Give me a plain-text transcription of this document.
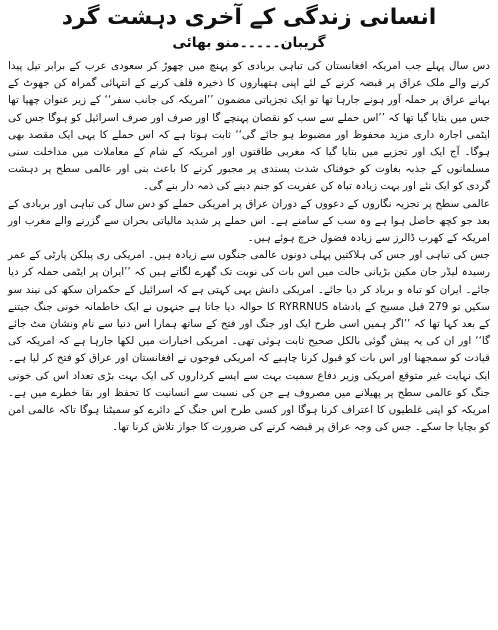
انسانی زندگی کے آخری دہشت گرد
گریبان۔۔۔۔۔منو بھائی

دس سال پہلے جب امریکہ افغانستان کی تباہی بربادی کو پہنچ میں چھوڑ کر سعودی عرب کے برابر تیل پیدا کرنے والے ملک عراق پر قبضہ کرنے کے لئے اپنی ہتھیاروں کا ذخیرہ قلف کرنے کے انتہائی گمراہ کن جھوٹ کے بہانے عراق پر حملہ آور ہونے جارہا تھا تو ایک تجزیاتی مضمون ’’امریکہ کی جانب سفر‘‘ کے زیر عنوان چھپا تھا جس میں بتایا گیا تھا کہ ’’اس حملے سے سب کو نقصان پہنچے گا اور صرف اور صرف اسرائیل کو ہوگا جس کی ایٹمی اجارہ داری مزید محفوظ اور مضبوط ہو جائے گی‘‘ ثابت ہوتا ہے کہ اس حملے کا یہی ایک مقصد بھی ہوگا۔ آج ایک اور تجزیے میں بتایا گیا کہ مغربی طاقتوں اور امریکہ کے شام کے معاملات میں مداخلت سنی مسلمانوں کے جذبہ بغاوت کو خوفناک شدت پسندی پر مجبور کرنے کا باعث بنی اور عالمی سطح پر دہشت گردی کو ایک نئے اور بہت زیادہ تباہ کن عفریت کو جنم دینے کی ذمہ دار بنے گی۔

عالمی سطح پر تجزیہ نگاروں کے دعووں کے دوران عراق پر امریکی حملے کو دس سال کی تباہی اور بربادی کے بعد جو کچھ حاصل ہوا ہے وہ سب کے سامنے ہے۔ اس حملے پر شدید مالیاتی بحران سے گزرنے والے مغرب اور امریکہ کے کھرب ڈالرز سے زیادہ فضول خرچ ہوئے ہیں۔

جس کی تباہی اور جس کی ہلاکتیں پہلی دونوں عالمی جنگوں سے زیادہ ہیں۔ امریکی ری پبلکن پارٹی کے عمر رسیدہ لیڈر جان مکین بڑیانی حالت میں اس بات کی نوبت تک گھرے لگاتے ہیں کہ ’’ایران پر ایٹمی حملہ کر دیا جائے۔ ایران کو تباہ و برباد کر دیا جائے۔ امریکی دانش یہی کہتی ہے کہ اسرائیل کے حکمران سکھ کی نیند سو سکیں تو 279 قبل مسیح کے بادشاہ RYRRNUS کا حوالہ دیا جاتا ہے جنہوں نے ایک خاطمانہ خونی جنگ جیتنے کے بعد کہا تھا کہ ’’اگر ہمیں اسی طرح ایک اور جنگ اور فتح کے ساتھ ہمارا اس دنیا سے نام ونشان مٹ جائے گا‘‘ اور ان کی یہ پیش گوئی بالکل صحیح ثابت ہوئی تھی۔ امریکی اخبارات میں لکھا جارہا ہے کہ امریکہ کی قیادت کو سمجھنا اور اس بات کو قبول کرنا چاہیے کہ امریکی فوجوں نے افغانستان اور عراق کو فتح کر لیا ہے۔ ایک نہایت غیر متوقع امریکی وزیر دفاع سمیت بہت سے ایسے کرداروں کی ایک بہت بڑی تعداد اس کی خونی جنگ کو عالمی سطح پر پھیلانے میں مصروف ہے جن کی نسبت سے انسانیت کا تحفظ اور بقا خطرے میں ہے۔ امریکہ کو اپنی غلطیوں کا اعتراف کرنا ہوگا اور کسی طرح اس جنگ کے دائرے کو سمیٹنا ہوگا تاکہ عالمی امن کو بچایا جا سکے۔ جس کی وجہ عراق پر قبضہ کرنے کی ضرورت کا جواز تلاش کرنا تھا۔
